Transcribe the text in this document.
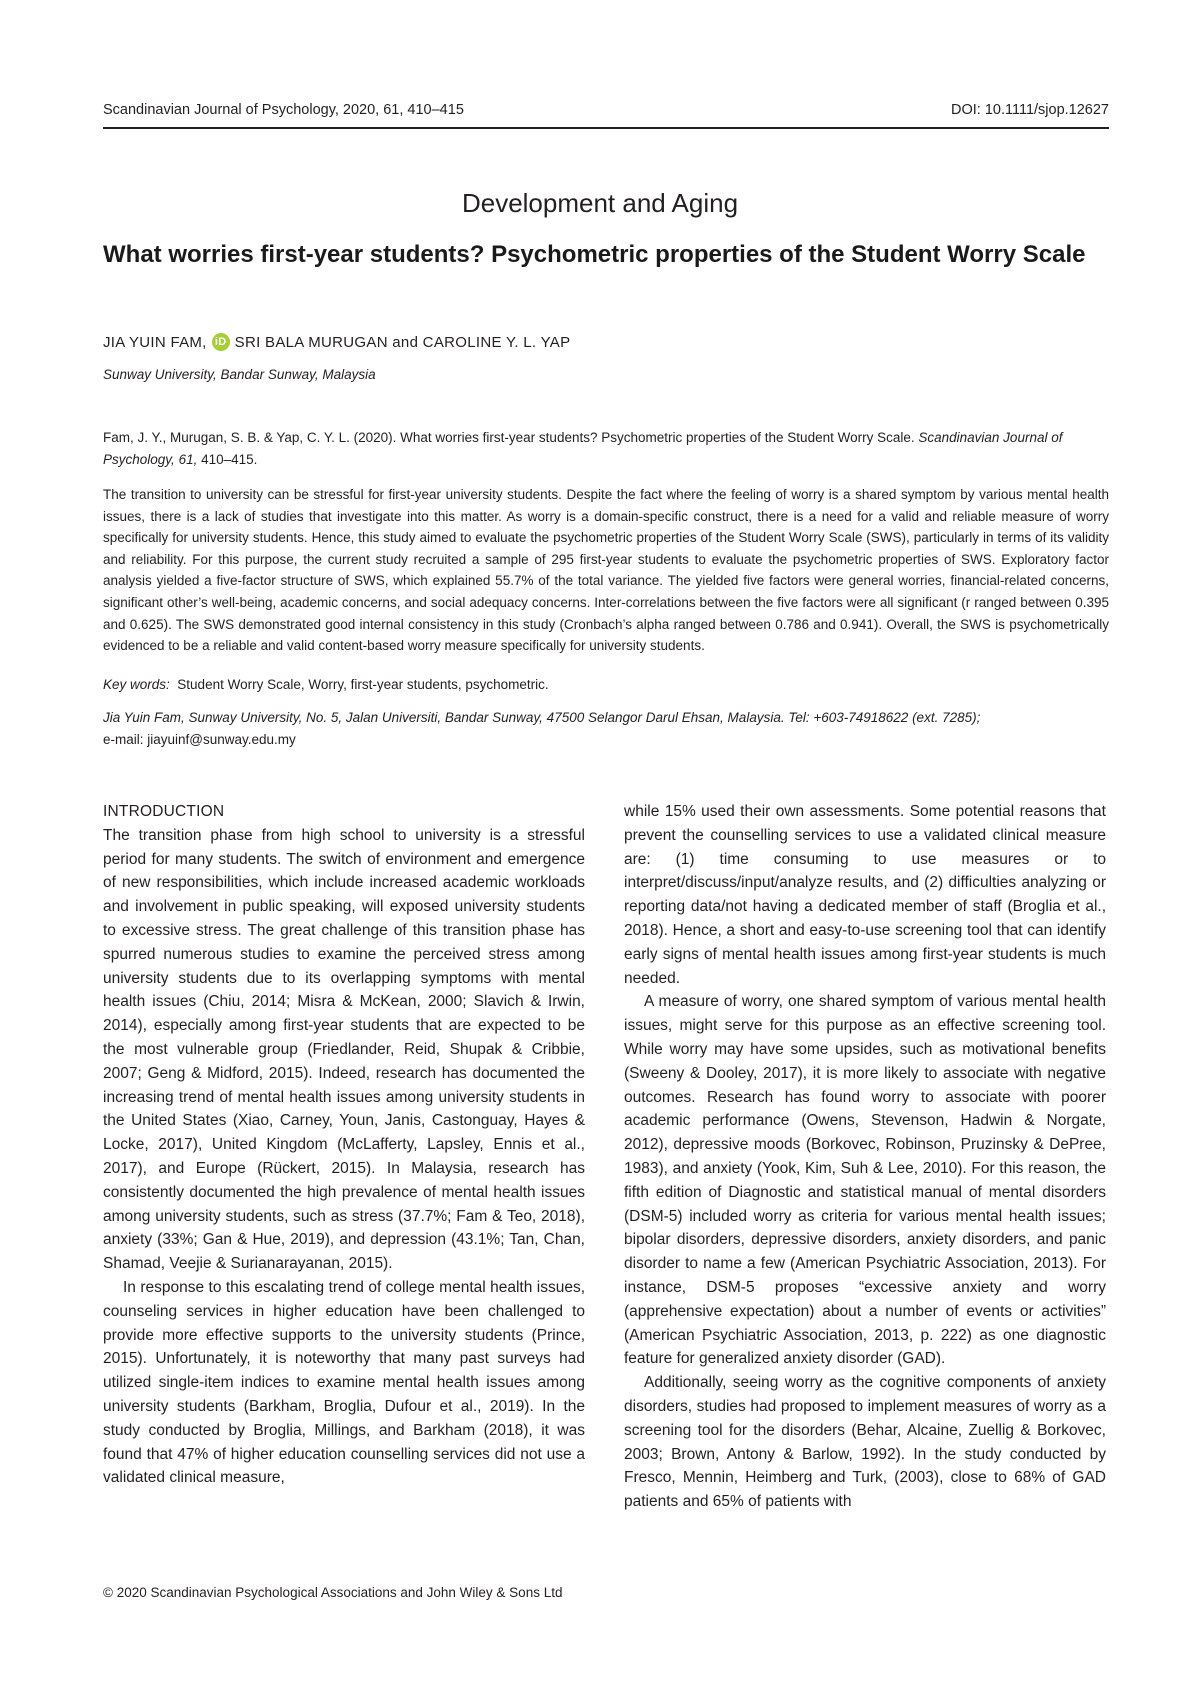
Scandinavian Journal of Psychology, 2020, 61, 410–415	DOI: 10.1111/sjop.12627
Development and Aging
What worries first-year students? Psychometric properties of the Student Worry Scale
JIA YUIN FAM, iD SRI BALA MURUGAN and CAROLINE Y. L. YAP
Sunway University, Bandar Sunway, Malaysia

Fam, J. Y., Murugan, S. B. & Yap, C. Y. L. (2020). What worries first-year students? Psychometric properties of the Student Worry Scale. Scandinavian Journal of Psychology, 61, 410–415.

The transition to university can be stressful for first-year university students. Despite the fact where the feeling of worry is a shared symptom by various mental health issues, there is a lack of studies that investigate into this matter. As worry is a domain-specific construct, there is a need for a valid and reliable measure of worry specifically for university students. Hence, this study aimed to evaluate the psychometric properties of the Student Worry Scale (SWS), particularly in terms of its validity and reliability. For this purpose, the current study recruited a sample of 295 first-year students to evaluate the psychometric properties of SWS. Exploratory factor analysis yielded a five-factor structure of SWS, which explained 55.7% of the total variance. The yielded five factors were general worries, financial-related concerns, significant other’s well-being, academic concerns, and social adequacy concerns. Inter-correlations between the five factors were all significant (r ranged between 0.395 and 0.625). The SWS demonstrated good internal consistency in this study (Cronbach’s alpha ranged between 0.786 and 0.941). Overall, the SWS is psychometrically evidenced to be a reliable and valid content-based worry measure specifically for university students.

Key words: Student Worry Scale, Worry, first-year students, psychometric.

Jia Yuin Fam, Sunway University, No. 5, Jalan Universiti, Bandar Sunway, 47500 Selangor Darul Ehsan, Malaysia. Tel: +603-74918622 (ext. 7285);
e-mail: jiayuinf@sunway.edu.my

INTRODUCTION

The transition phase from high school to university is a stressful period for many students. The switch of environment and emergence of new responsibilities, which include increased academic workloads and involvement in public speaking, will exposed university students to excessive stress. The great challenge of this transition phase has spurred numerous studies to examine the perceived stress among university students due to its overlapping symptoms with mental health issues (Chiu, 2014; Misra & McKean, 2000; Slavich & Irwin, 2014), especially among first-year students that are expected to be the most vulnerable group (Friedlander, Reid, Shupak & Cribbie, 2007; Geng & Midford, 2015). Indeed, research has documented the increasing trend of mental health issues among university students in the United States (Xiao, Carney, Youn, Janis, Castonguay, Hayes & Locke, 2017), United Kingdom (McLafferty, Lapsley, Ennis et al., 2017), and Europe (Rückert, 2015). In Malaysia, research has consistently documented the high prevalence of mental health issues among university students, such as stress (37.7%; Fam & Teo, 2018), anxiety (33%; Gan & Hue, 2019), and depression (43.1%; Tan, Chan, Shamad, Veejie & Surianarayanan, 2015).

In response to this escalating trend of college mental health issues, counseling services in higher education have been challenged to provide more effective supports to the university students (Prince, 2015). Unfortunately, it is noteworthy that many past surveys had utilized single-item indices to examine mental health issues among university students (Barkham, Broglia, Dufour et al., 2019). In the study conducted by Broglia, Millings, and Barkham (2018), it was found that 47% of higher education counselling services did not use a validated clinical measure,

while 15% used their own assessments. Some potential reasons that prevent the counselling services to use a validated clinical measure are: (1) time consuming to use measures or to interpret/discuss/input/analyze results, and (2) difficulties analyzing or reporting data/not having a dedicated member of staff (Broglia et al., 2018). Hence, a short and easy-to-use screening tool that can identify early signs of mental health issues among first-year students is much needed.

A measure of worry, one shared symptom of various mental health issues, might serve for this purpose as an effective screening tool. While worry may have some upsides, such as motivational benefits (Sweeny & Dooley, 2017), it is more likely to associate with negative outcomes. Research has found worry to associate with poorer academic performance (Owens, Stevenson, Hadwin & Norgate, 2012), depressive moods (Borkovec, Robinson, Pruzinsky & DePree, 1983), and anxiety (Yook, Kim, Suh & Lee, 2010). For this reason, the fifth edition of Diagnostic and statistical manual of mental disorders (DSM-5) included worry as criteria for various mental health issues; bipolar disorders, depressive disorders, anxiety disorders, and panic disorder to name a few (American Psychiatric Association, 2013). For instance, DSM-5 proposes “excessive anxiety and worry (apprehensive expectation) about a number of events or activities” (American Psychiatric Association, 2013, p. 222) as one diagnostic feature for generalized anxiety disorder (GAD).

Additionally, seeing worry as the cognitive components of anxiety disorders, studies had proposed to implement measures of worry as a screening tool for the disorders (Behar, Alcaine, Zuellig & Borkovec, 2003; Brown, Antony & Barlow, 1992). In the study conducted by Fresco, Mennin, Heimberg and Turk, (2003), close to 68% of GAD patients and 65% of patients with

© 2020 Scandinavian Psychological Associations and John Wiley & Sons Ltd
